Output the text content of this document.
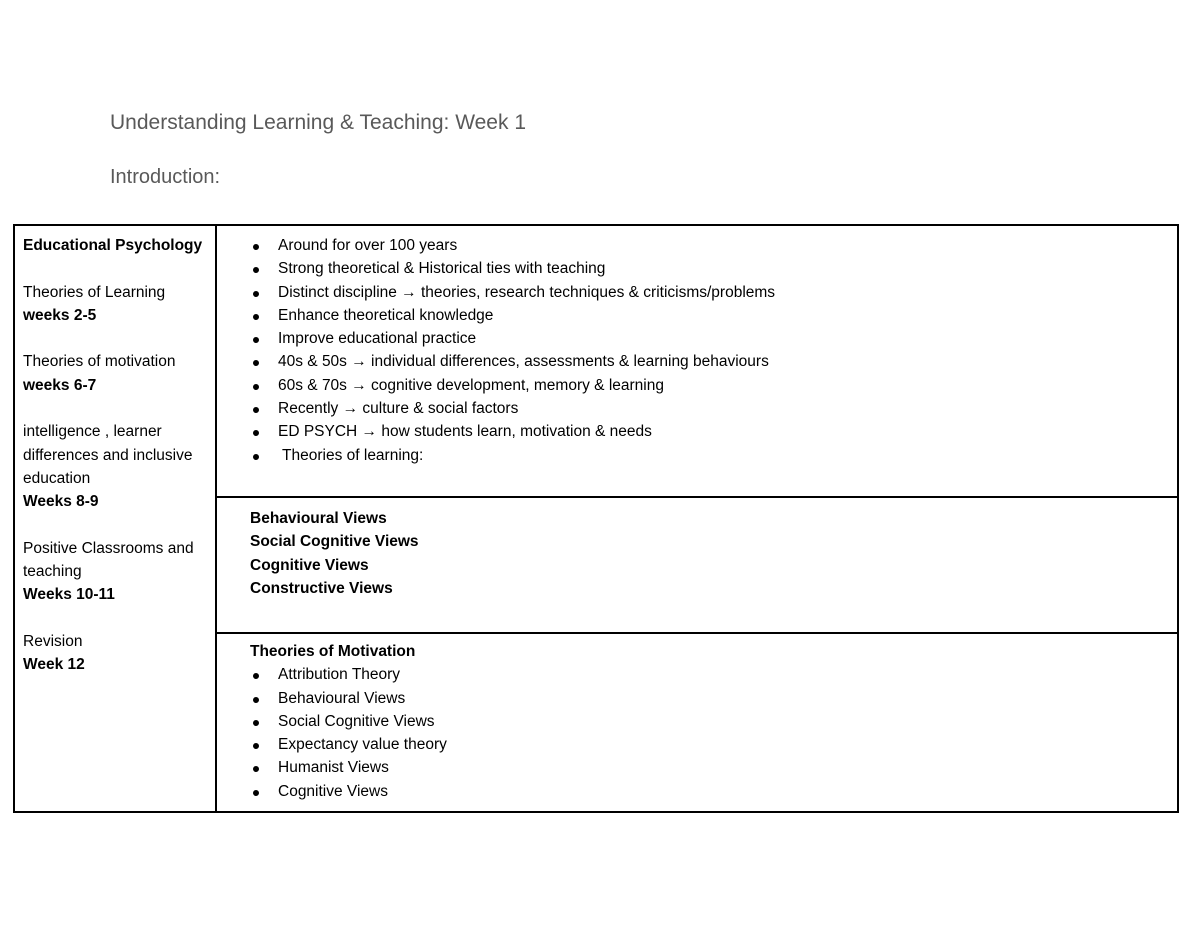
Understanding Learning & Teaching: Week 1
Introduction:
Educational Psychology
Theories of Learning
weeks 2-5
Theories of motivation weeks 6-7
intelligence , learner differences and inclusive education
Weeks 8-9
Positive Classrooms and teaching
Weeks 10-11
Revision
Week 12
Around for over 100 years
Strong theoretical & Historical ties with teaching
Distinct discipline → theories, research techniques & criticisms/problems
Enhance theoretical knowledge
Improve educational practice
40s & 50s → individual differences, assessments & learning behaviours
60s & 70s → cognitive development, memory & learning
Recently → culture & social factors
ED PSYCH → how students learn, motivation & needs
Theories of learning:
Behavioural Views
Social Cognitive Views
Cognitive Views
Constructive Views
Theories of Motivation
Attribution Theory
Behavioural Views
Social Cognitive Views
Expectancy value theory
Humanist Views
Cognitive Views
